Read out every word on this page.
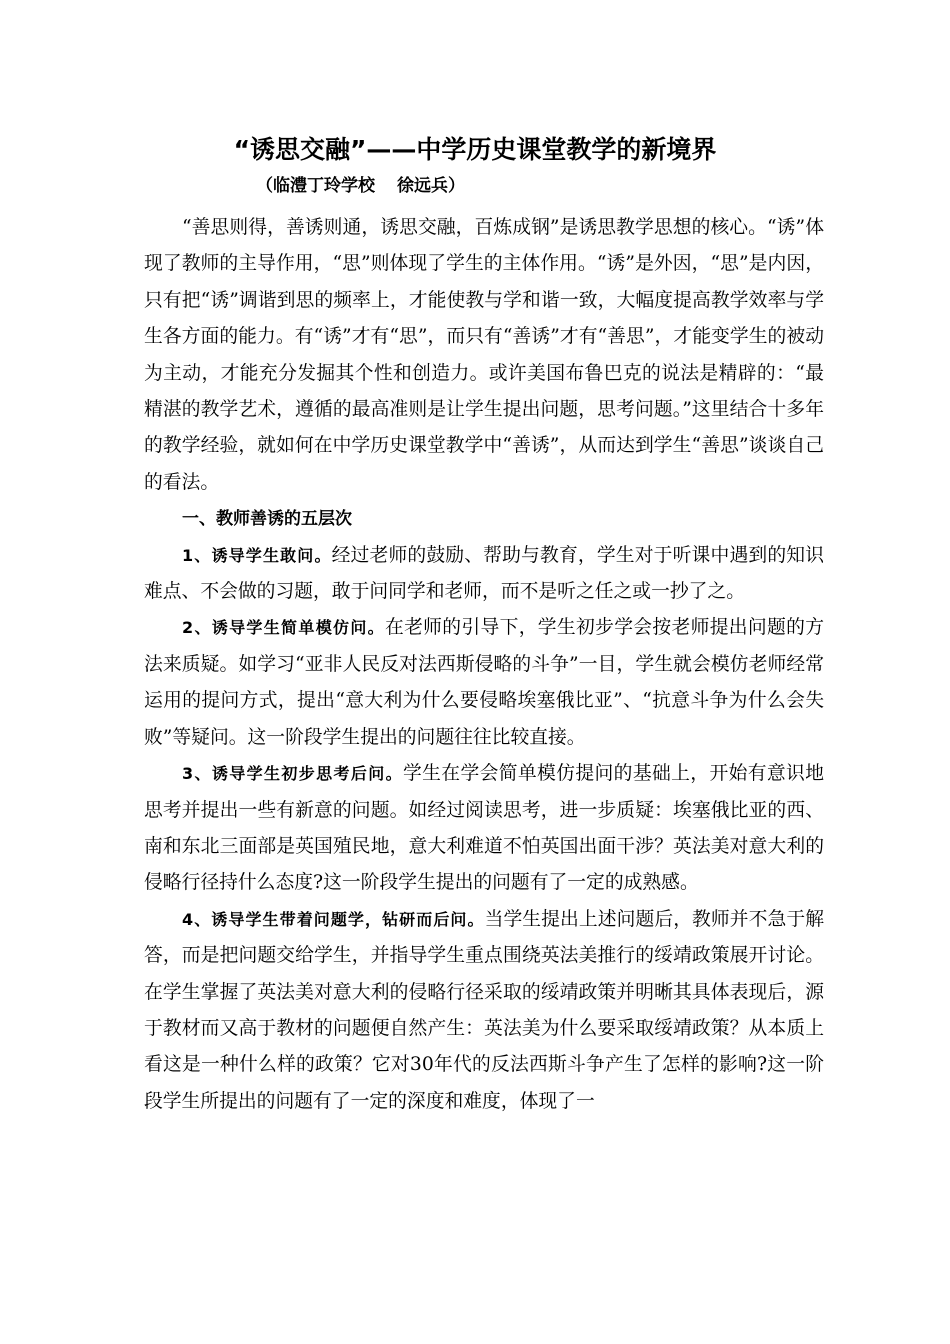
“诱思交融”——中学历史课堂教学的新境界

（临澧丁玲学校 徐远兵）

“善思则得，善诱则通，诱思交融，百炼成钢”是诱思教学思想的核心。“诱”体现了教师的主导作用，“思”则体现了学生的主体作用。“诱”是外因，“思”是内因，只有把“诱”调谐到思的频率上，才能使教与学和谐一致，大幅度提高教学效率与学生各方面的能力。有“诱”才有“思”，而只有“善诱”才有“善思”，才能变学生的被动为主动，才能充分发掘其个性和创造力。或许美国布鲁巴克的说法是精辟的：“最精湛的教学艺术，遵循的最高准则是让学生提出问题，思考问题。”这里结合十多年的教学经验，就如何在中学历史课堂教学中“善诱”，从而达到学生“善思”谈谈自己的看法。

一、教师善诱的五层次

1、诱导学生敢问。经过老师的鼓励、帮助与教育，学生对于听课中遇到的知识难点、不会做的习题，敢于问同学和老师，而不是听之任之或一抄了之。

2、诱导学生简单模仿问。在老师的引导下，学生初步学会按老师提出问题的方法来质疑。如学习“亚非人民反对法西斯侵略的斗争”一目，学生就会模仿老师经常运用的提问方式，提出“意大利为什么要侵略埃塞俄比亚”、“抗意斗争为什么会失败”等疑问。这一阶段学生提出的问题往往比较直接。

3、诱导学生初步思考后问。学生在学会简单模仿提问的基础上，开始有意识地思考并提出一些有新意的问题。如经过阅读思考，进一步质疑：埃塞俄比亚的西、南和东北三面部是英国殖民地，意大利难道不怕英国出面干涉？英法美对意大利的侵略行径持什么态度?这一阶段学生提出的问题有了一定的成熟感。

4、诱导学生带着问题学，钻研而后问。当学生提出上述问题后，教师并不急于解答，而是把问题交给学生，并指导学生重点围绕英法美推行的绥靖政策展开讨论。在学生掌握了英法美对意大利的侵略行径采取的绥靖政策并明晰其具体表现后，源于教材而又高于教材的问题便自然产生：英法美为什么要采取绥靖政策？从本质上看这是一种什么样的政策？它对30年代的反法西斯斗争产生了怎样的影响?这一阶段学生所提出的问题有了一定的深度和难度，体现了一
